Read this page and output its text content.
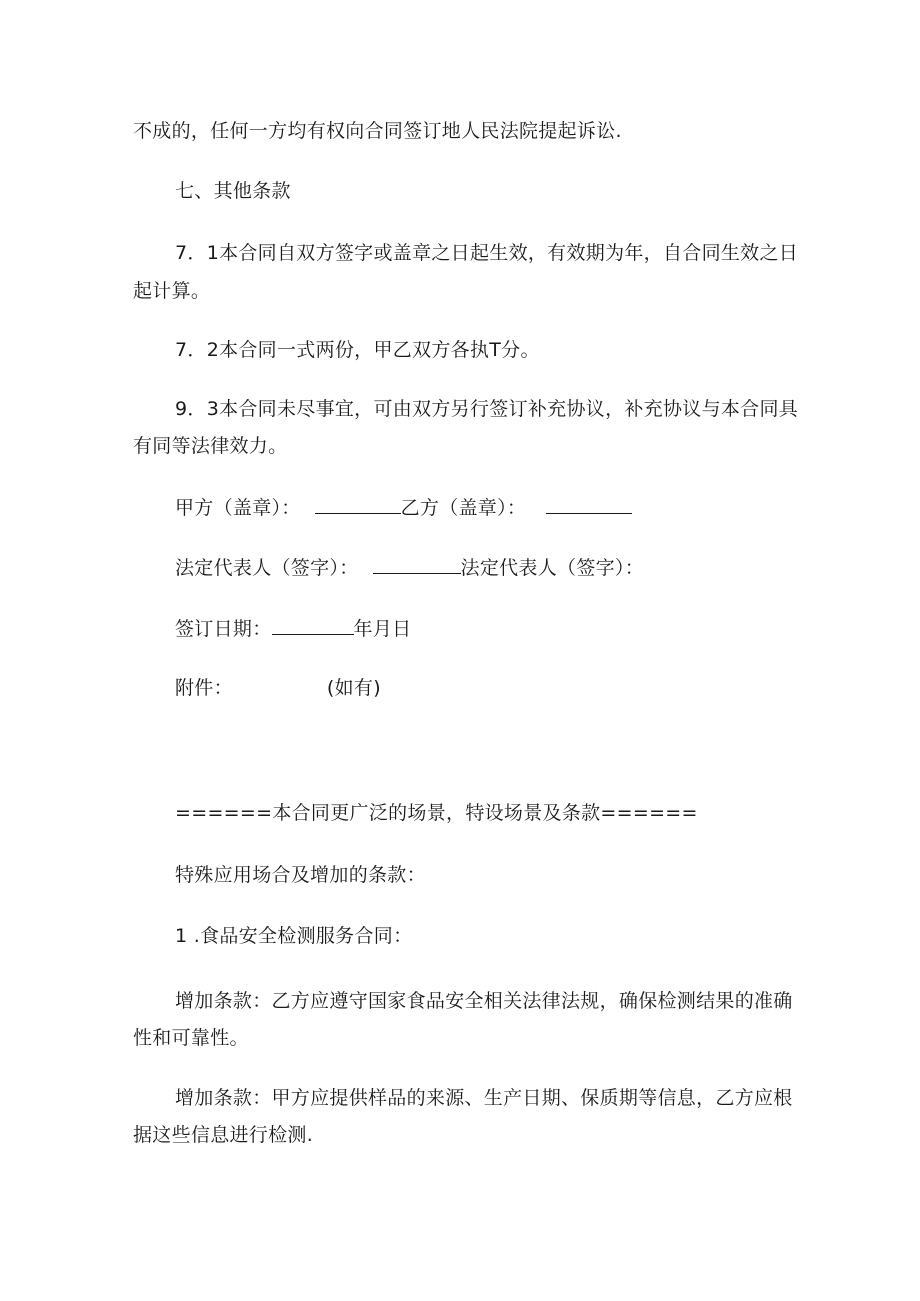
不成的，任何一方均有权向合同签订地人民法院提起诉讼.
七、其他条款
7．1本合同自双方签字或盖章之日起生效，有效期为年，自合同生效之日
起计算。
7．2本合同一式两份，甲乙双方各执T分。
9．3本合同未尽事宜，可由双方另行签订补充协议，补充协议与本合同具
有同等法律效力。
甲方（盖章）：	乙方（盖章）：
法定代表人（签字）：	法定代表人（签字）：
签订日期：	年月日
附件：	(如有)
======本合同更广泛的场景，特设场景及条款======
特殊应用场合及增加的条款：
1 .食品安全检测服务合同：
增加条款：乙方应遵守国家食品安全相关法律法规，确保检测结果的准确
性和可靠性。
增加条款：甲方应提供样品的来源、生产日期、保质期等信息，乙方应根
据这些信息进行检测.
